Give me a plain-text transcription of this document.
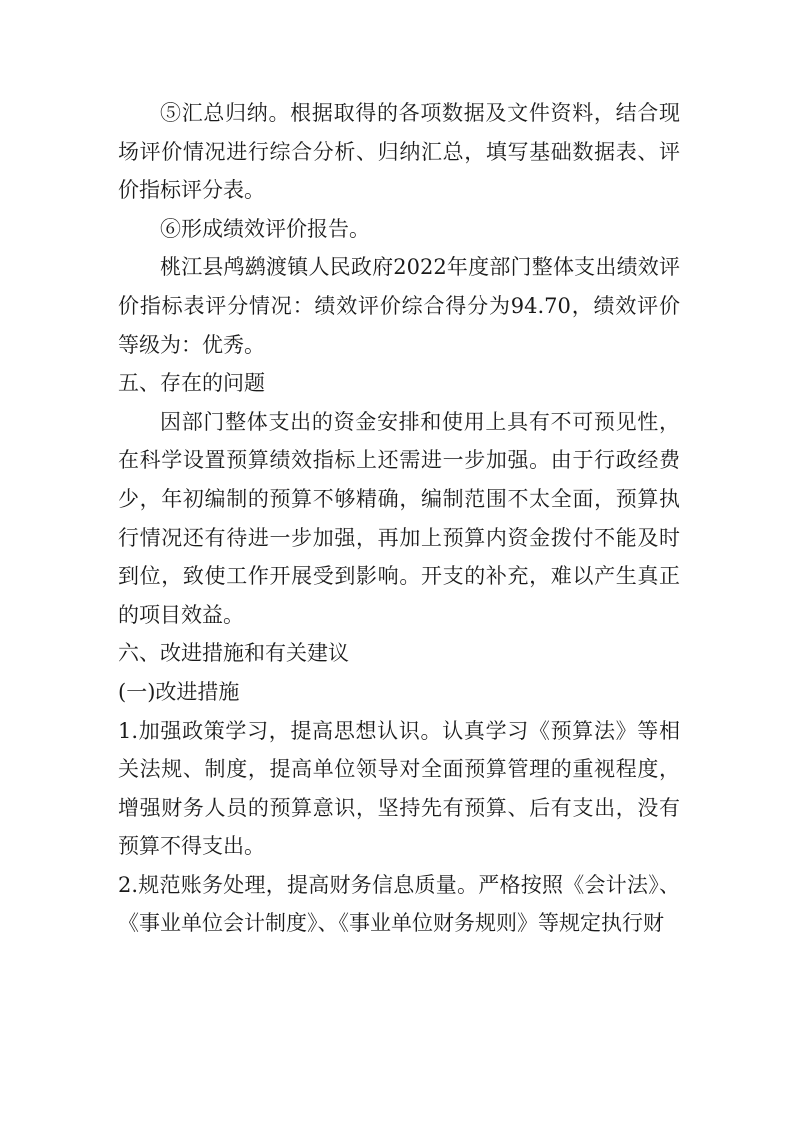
⑤汇总归纳。根据取得的各项数据及文件资料，结合现场评价情况进行综合分析、归纳汇总，填写基础数据表、评价指标评分表。

⑥形成绩效评价报告。

桃江县鸬鹚渡镇人民政府2022年度部门整体支出绩效评价指标表评分情况：绩效评价综合得分为94.70，绩效评价等级为：优秀。

五、存在的问题

因部门整体支出的资金安排和使用上具有不可预见性，在科学设置预算绩效指标上还需进一步加强。由于行政经费少，年初编制的预算不够精确，编制范围不太全面，预算执行情况还有待进一步加强，再加上预算内资金拨付不能及时到位，致使工作开展受到影响。开支的补充，难以产生真正的项目效益。

六、改进措施和有关建议

(一)改进措施

1.加强政策学习，提高思想认识。认真学习《预算法》等相关法规、制度，提高单位领导对全面预算管理的重视程度，增强财务人员的预算意识，坚持先有预算、后有支出，没有预算不得支出。

2.规范账务处理，提高财务信息质量。严格按照《会计法》、《事业单位会计制度》、《事业单位财务规则》等规定执行财
